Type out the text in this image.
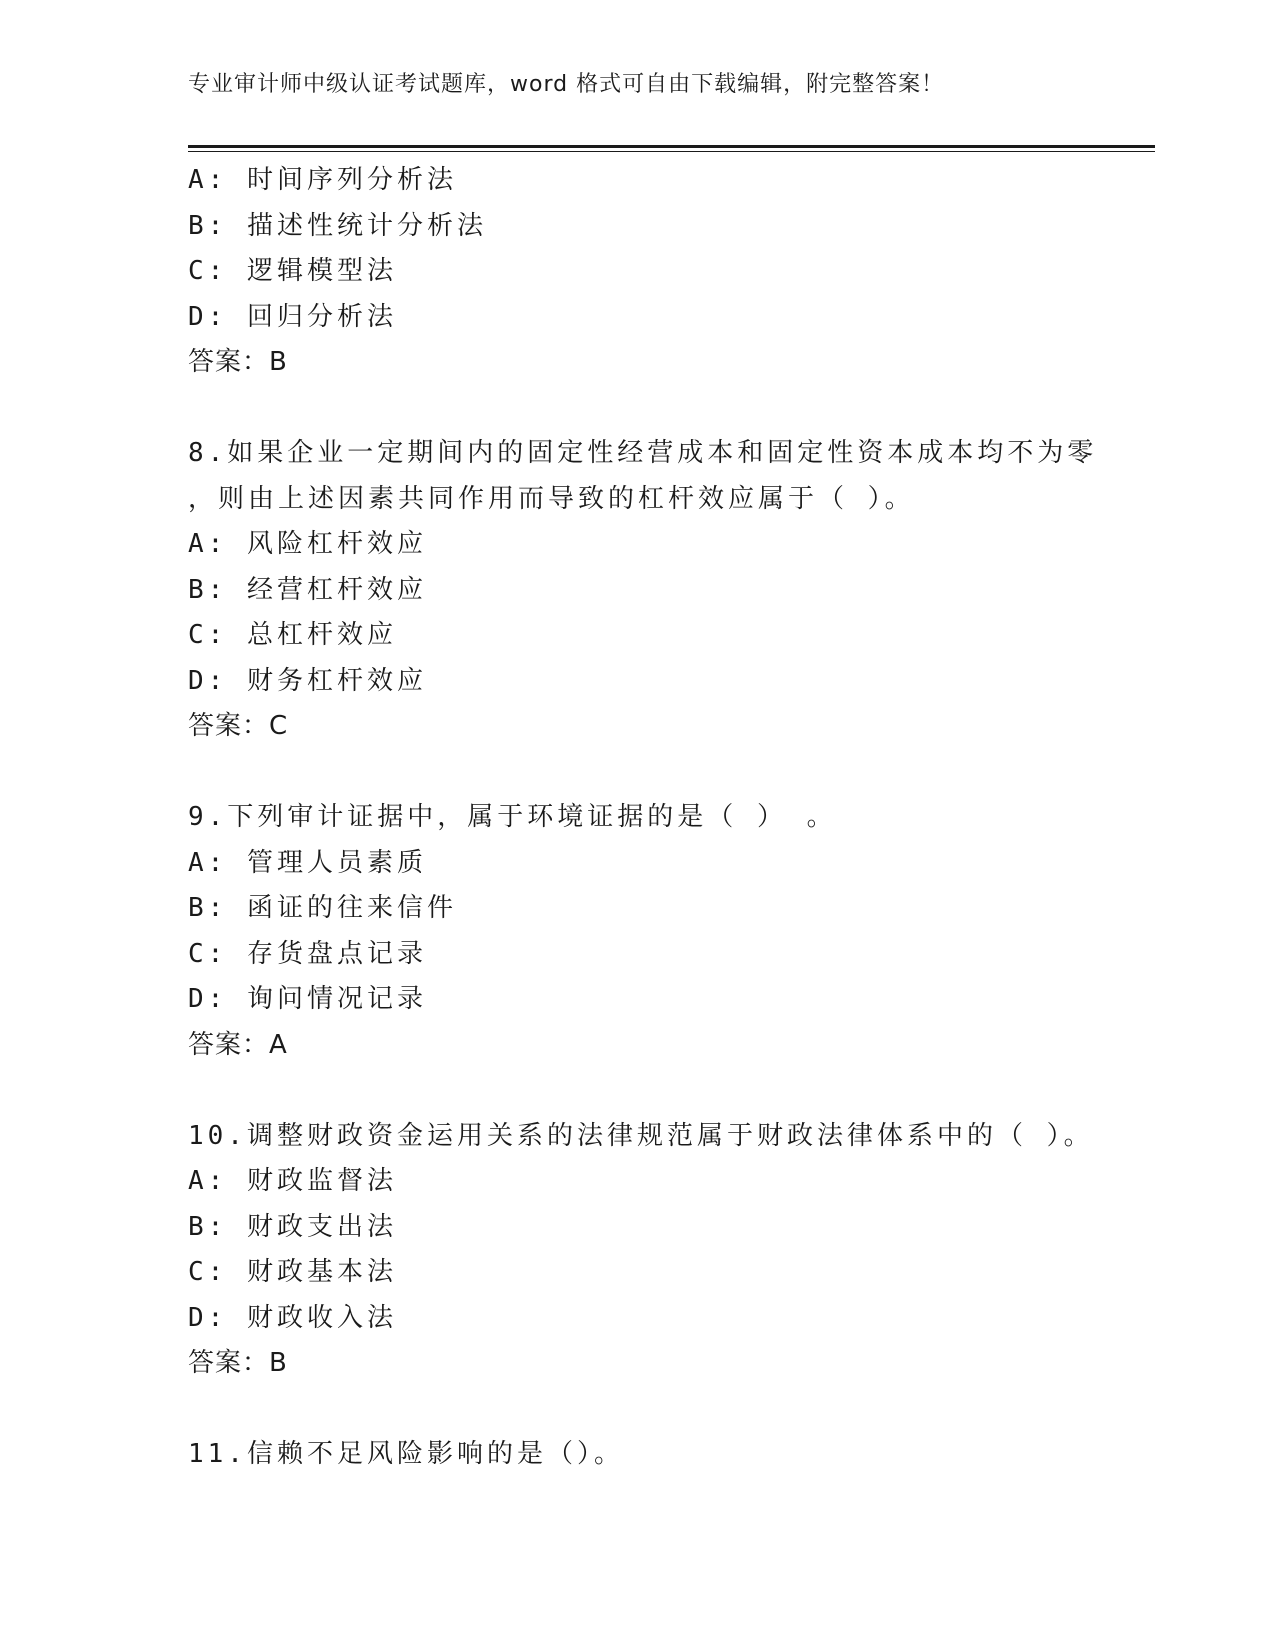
专业审计师中级认证考试题库，word 格式可自由下载编辑，附完整答案！
A: 时间序列分析法
B: 描述性统计分析法
C: 逻辑模型法
D: 回归分析法
答案：B
8.如果企业一定期间内的固定性经营成本和固定性资本成本均不为零
，则由上述因素共同作用而导致的杠杆效应属于（ ）。
A: 风险杠杆效应
B: 经营杠杆效应
C: 总杠杆效应
D: 财务杠杆效应
答案：C
9.下列审计证据中，属于环境证据的是（ ） 。
A: 管理人员素质
B: 函证的往来信件
C: 存货盘点记录
D: 询问情况记录
答案：A
10.调整财政资金运用关系的法律规范属于财政法律体系中的（ ）。
A: 财政监督法
B: 财政支出法
C: 财政基本法
D: 财政收入法
答案：B
11.信赖不足风险影响的是（）。
